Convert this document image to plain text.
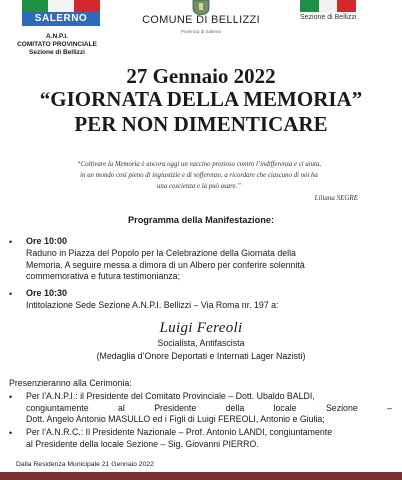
SALERNO
A.N.P.I.
COMITATO PROVINCIALE
Sezione di Bellizzi
COMUNE DI BELLIZZI
Provincia di Salerno
Sezione di Bellizzi
27 Gennaio 2022
“GIORNATA DELLA MEMORIA”
PER NON DIMENTICARE
“Coltivare la Memoria è ancora oggi un vaccino prezioso contro l’indifferenza e ci aiuta,
in un mondo così pieno di ingiustizie e di sofferenze, a ricordare che ciascuno di noi ha
una coscienza e la può usare.”
Liliana SEGRE
Programma della Manifestazione:
• Ore 10:00
Raduno in Piazza del Popolo per la Celebrazione della Giornata della
Memoria. A seguire messa a dimora di un Albero per conferire solennità
commemorativa e futura testimonianza;
• Ore 10:30
Intitolazione Sede Sezione A.N.P.I. Bellizzi – Via Roma nr. 197 a:
Luigi Fereoli
Socialista, Antifascista
(Medaglia d’Onore Deportati e Internati Lager Nazisti)
Presenzieranno alla Cerimonia:
• Per l’A.N.P.I.: il Presidente del Comitato Provinciale – Dott. Ubaldo BALDI,
congiuntamente al Presidente della locale Sezione –
Dott. Angelo Antonio MASULLO ed i Figli di Luigi FEREOLI, Antonio e Giulia;
• Per l’A.N.R.C.: Il Presidente Nazionale – Prof. Antonio LANDI, congiuntamente
al Presidente della locale Sezione – Sig. Giovanni PIERRO.
Dalla Residenza Municipale 21 Gennaio 2022
